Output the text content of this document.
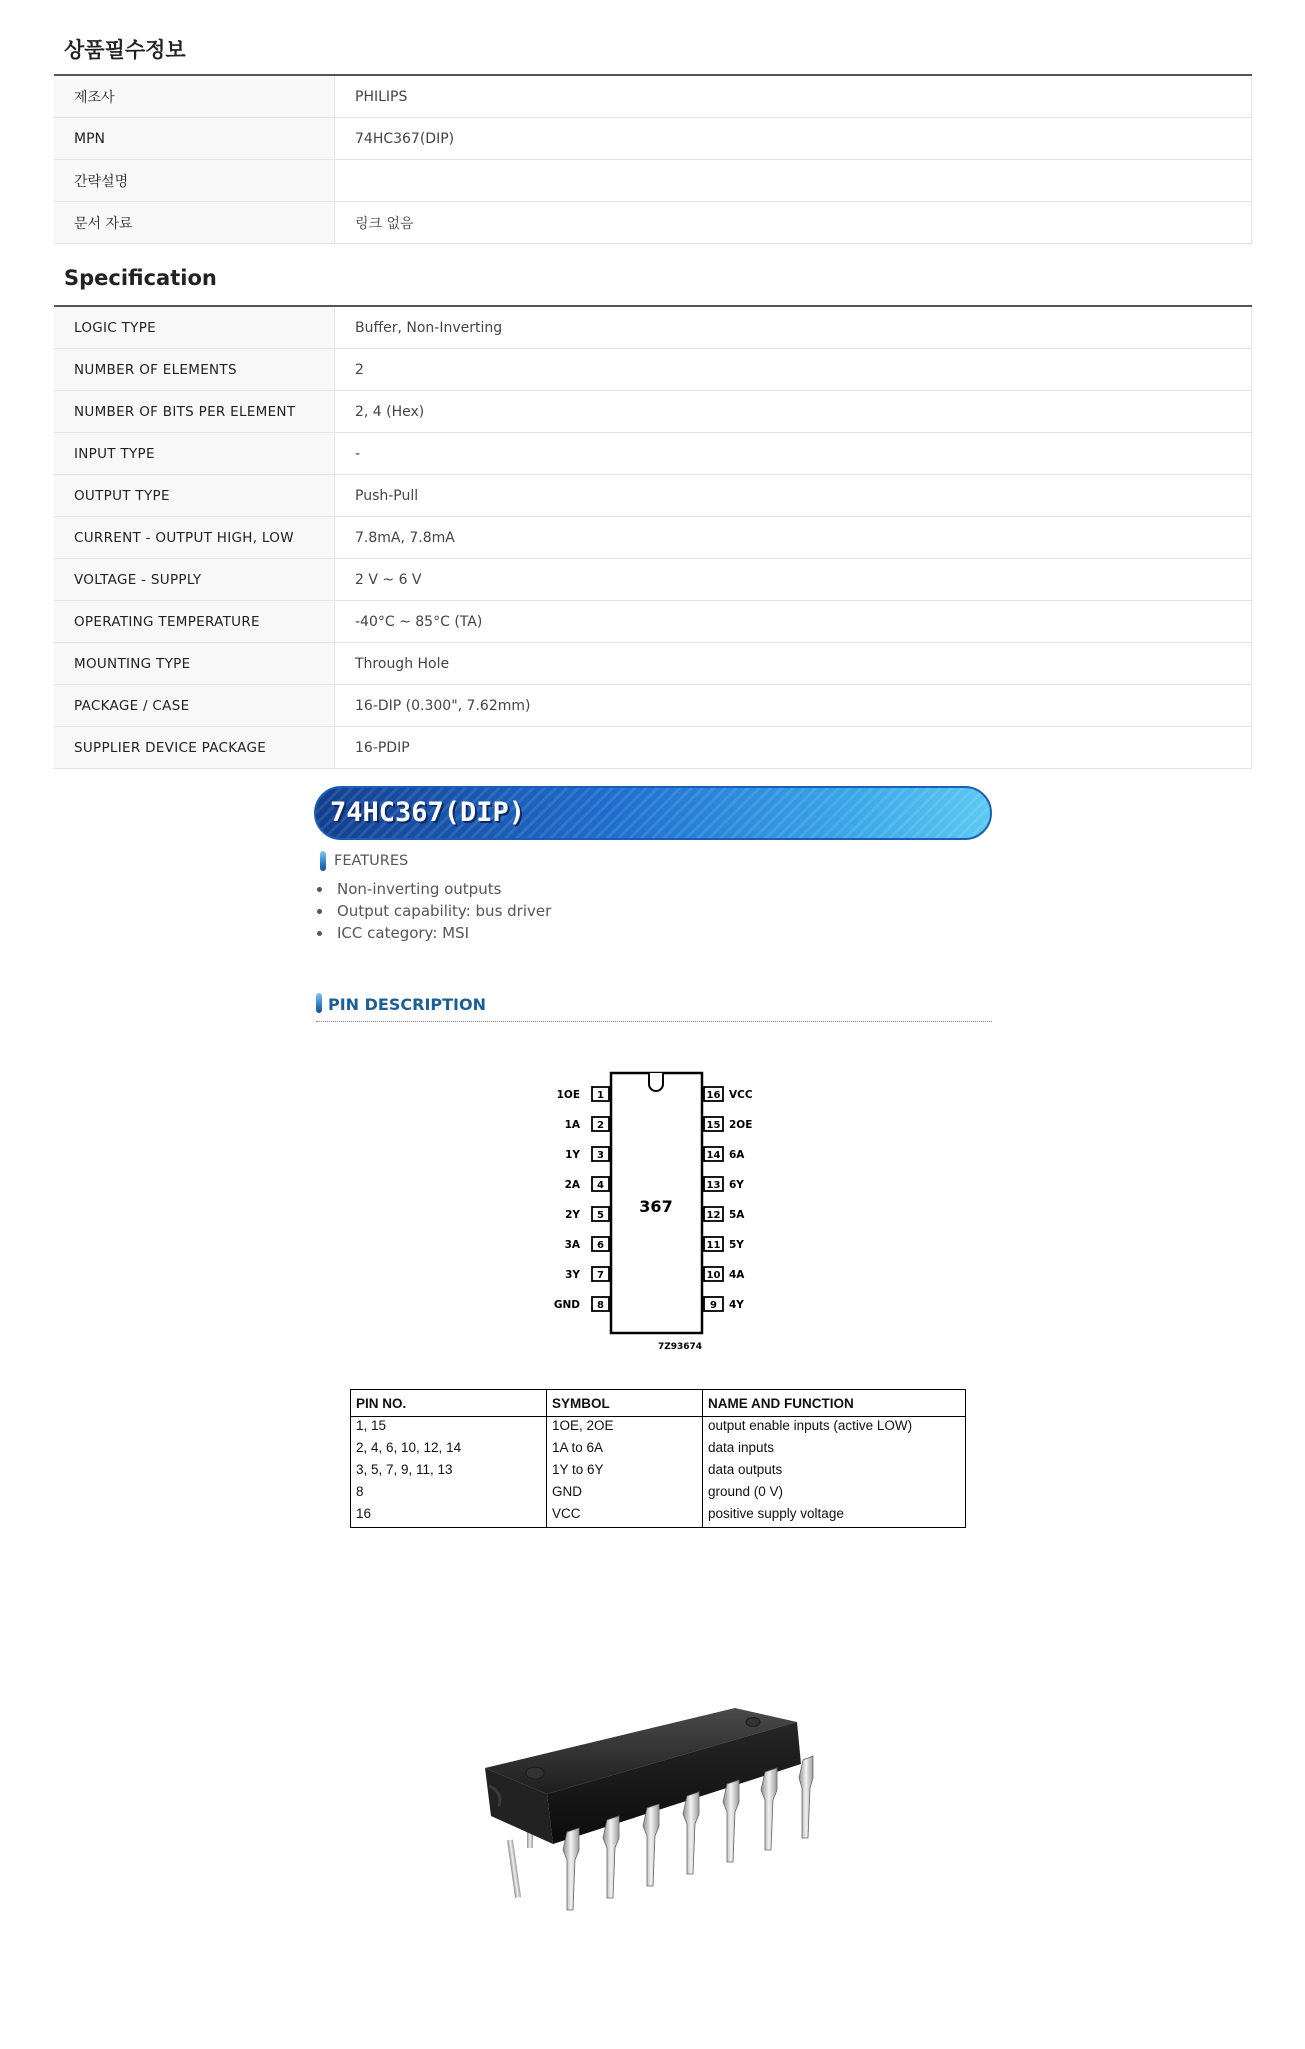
상품필수정보
제조사	PHILIPS
MPN	74HC367(DIP)
간략설명	
문서 자료	링크 없음
Specification
LOGIC TYPE	Buffer, Non-Inverting
NUMBER OF ELEMENTS	2
NUMBER OF BITS PER ELEMENT	2, 4 (Hex)
INPUT TYPE	-
OUTPUT TYPE	Push-Pull
CURRENT - OUTPUT HIGH, LOW	7.8mA, 7.8mA
VOLTAGE - SUPPLY	2 V ~ 6 V
OPERATING TEMPERATURE	-40°C ~ 85°C (TA)
MOUNTING TYPE	Through Hole
PACKAGE / CASE	16-DIP (0.300", 7.62mm)
SUPPLIER DEVICE PACKAGE	16-PDIP
74HC367(DIP)
FEATURES
• Non-inverting outputs
• Output capability: bus driver
• ICC category: MSI
PIN DESCRIPTION
367
7Z93674
1OE 1
1A 2
1Y 3
2A 4
2Y 5
3A 6
3Y 7
GND 8
16 VCC
15 2OE
14 6A
13 6Y
12 5A
11 5Y
10 4A
9 4Y
PIN NO.	SYMBOL	NAME AND FUNCTION
1, 15	1OE, 2OE	output enable inputs (active LOW)
2, 4, 6, 10, 12, 14	1A to 6A	data inputs
3, 5, 7, 9, 11, 13	1Y to 6Y	data outputs
8	GND	ground (0 V)
16	VCC	positive supply voltage
